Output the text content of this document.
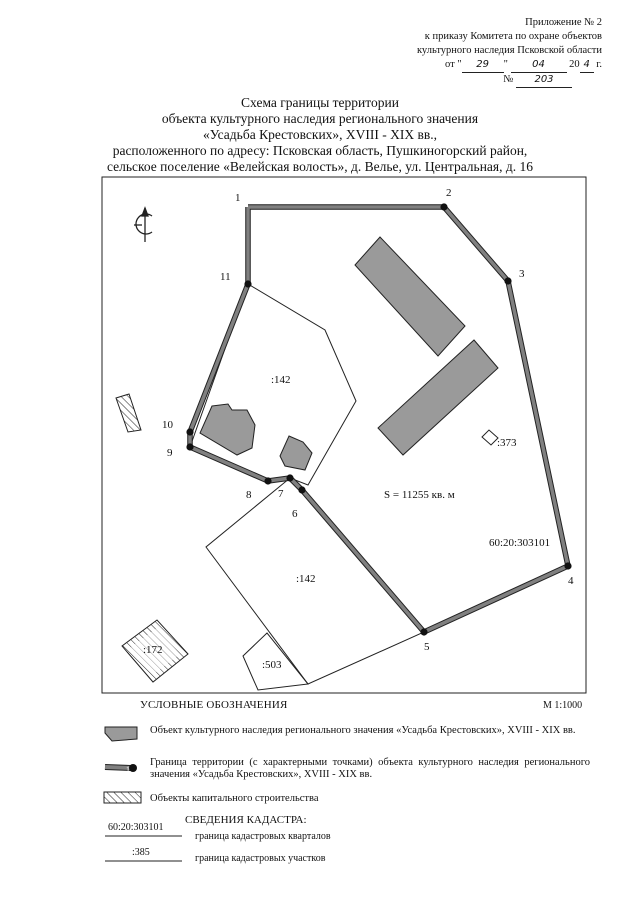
Приложение № 2
к приказу Комитета по охране объектов
культурного наследия Псковской области
от " 29 " 04 20 4 г.
№ 203
Схема границы территории
объекта культурного наследия регионального значения
«Усадьба Крестовских», XVIII - XIX вв.,
расположенного по адресу: Псковская область, Пушкиногорский район,
сельское поселение «Велейская волость», д. Велье, ул. Центральная, д. 16
1	2
3
4
5
6
7
8
9
10
11
:142
:142
:373
:172
:503
S = 11255 кв. м
60:20:303101
М 1:1000
1
УСЛОВНЫЕ ОБОЗНАЧЕНИЯ
Объект культурного наследия регионального значения «Усадьба Крестовских», XVIII - XIX вв.
Граница территории (с характерными точками) объекта культурного наследия регионального значения «Усадьба Крестовских», XVIII - XIX вв.
Объекты капитального строительства
СВЕДЕНИЯ КАДАСТРА:
60:20:303101
граница кадастровых кварталов
:385
граница кадастровых участков
